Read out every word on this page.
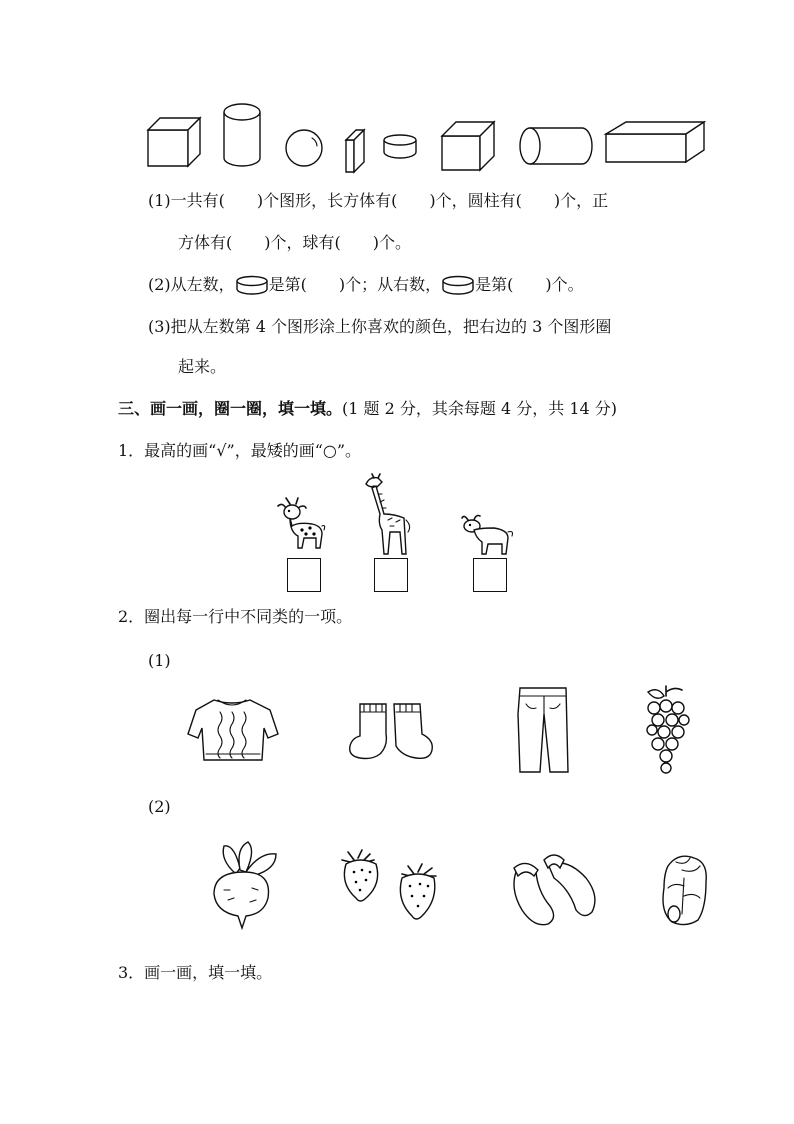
(1)一共有(　　)个图形，长方体有(　　)个，圆柱有(　　)个，正
方体有(　　)个，球有(　　)个。
(2)从左数， 是第(　　)个；从右数， 是第(　　)个。
(3)把从左数第 4 个图形涂上你喜欢的颜色，把右边的 3 个图形圈
起来。
三、画一画，圈一圈，填一填。(1 题 2 分，其余每题 4 分，共 14 分)
1．最高的画“√”，最矮的画“○”。
2．圈出每一行中不同类的一项。
(1)
(2)
3．画一画，填一填。
